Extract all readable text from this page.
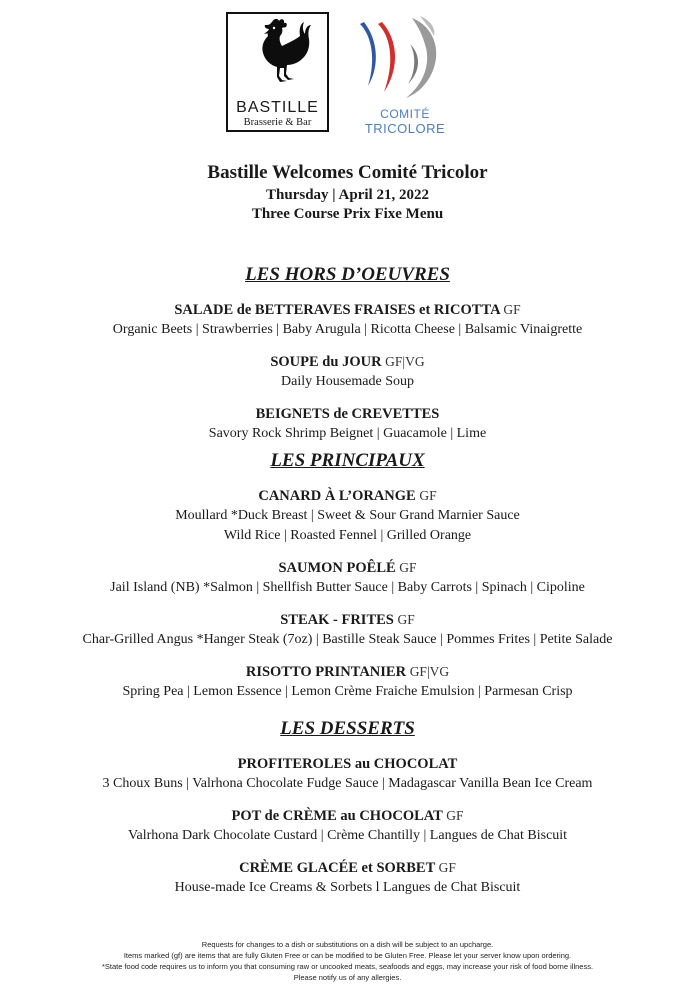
BASTILLE
Brasserie & Bar
COMITÉ
TRICOLORE
Bastille Welcomes Comité Tricolor
Thursday | April 21, 2022
Three Course Prix Fixe Menu
LES HORS D’OEUVRES
SALADE de BETTERAVES FRAISES et RICOTTA GF
Organic Beets | Strawberries | Baby Arugula | Ricotta Cheese | Balsamic Vinaigrette
SOUPE du JOUR GF|VG
Daily Housemade Soup
BEIGNETS de CREVETTES
Savory Rock Shrimp Beignet | Guacamole | Lime
LES PRINCIPAUX
CANARD À L’ORANGE GF
Moullard *Duck Breast | Sweet & Sour Grand Marnier Sauce
Wild Rice | Roasted Fennel | Grilled Orange
SAUMON POÊLÉ GF
Jail Island (NB) *Salmon | Shellfish Butter Sauce | Baby Carrots | Spinach | Cipoline
STEAK - FRITES GF
Char-Grilled Angus *Hanger Steak (7oz) | Bastille Steak Sauce | Pommes Frites | Petite Salade
RISOTTO PRINTANIER GF|VG
Spring Pea | Lemon Essence | Lemon Crème Fraiche Emulsion | Parmesan Crisp
LES DESSERTS
PROFITEROLES au CHOCOLAT
3 Choux Buns | Valrhona Chocolate Fudge Sauce | Madagascar Vanilla Bean Ice Cream
POT de CRÈME au CHOCOLAT GF
Valrhona Dark Chocolate Custard | Crème Chantilly | Langues de Chat Biscuit
CRÈME GLACÉE et SORBET GF
House-made Ice Creams & Sorbets l Langues de Chat Biscuit
Requests for changes to a dish or substitutions on a dish will be subject to an upcharge.
Items marked (gf) are items that are fully Gluten Free or can be modified to be Gluten Free. Please let your server know upon ordering.
*State food code requires us to inform you that consuming raw or uncooked meats, seafoods and eggs, may increase your risk of food borne illness.
Please notify us of any allergies.
